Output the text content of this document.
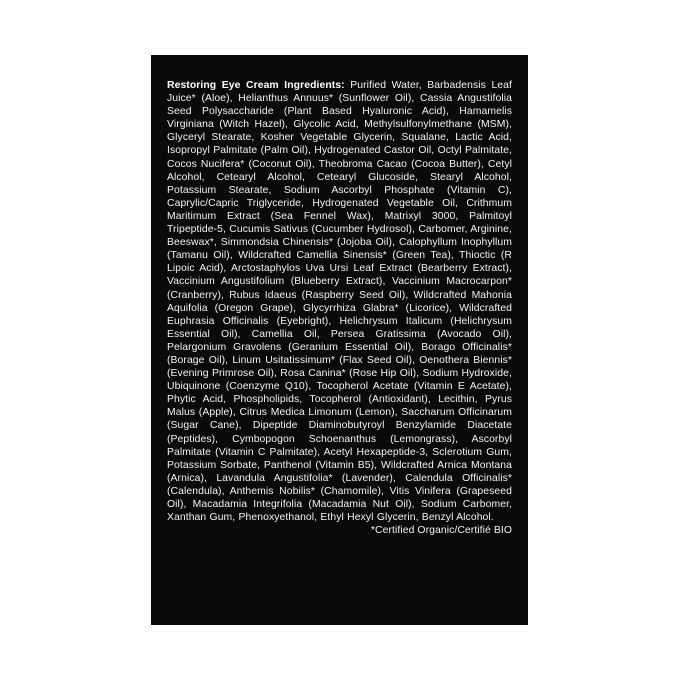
Restoring Eye Cream Ingredients: Purified Water, Barbadensis Leaf Juice* (Aloe), Helianthus Annuus* (Sunflower Oil), Cassia Angustifolia Seed Polysaccharide (Plant Based Hyaluronic Acid), Hamamelis Virginiana (Witch Hazel), Glycolic Acid, Methylsulfonylmethane (MSM), Glyceryl Stearate, Kosher Vegetable Glycerin, Squalane, Lactic Acid, Isopropyl Palmitate (Palm Oil), Hydrogenated Castor Oil, Octyl Palmitate, Cocos Nucifera* (Coconut Oil), Theobroma Cacao (Cocoa Butter), Cetyl Alcohol, Cetearyl Alcohol, Cetearyl Glucoside, Stearyl Alcohol, Potassium Stearate, Sodium Ascorbyl Phosphate (Vitamin C), Caprylic/Capric Triglyceride, Hydrogenated Vegetable Oil, Crithmum Maritimum Extract (Sea Fennel Wax), Matrixyl 3000, Palmitoyl Tripeptide-5, Cucumis Sativus (Cucumber Hydrosol), Carbomer, Arginine, Beeswax*, Simmondsia Chinensis* (Jojoba Oil), Calophyllum Inophyllum (Tamanu Oil), Wildcrafted Camellia Sinensis* (Green Tea), Thioctic (R Lipoic Acid), Arctostaphylos Uva Ursi Leaf Extract (Bearberry Extract), Vaccinium Angustifolium (Blueberry Extract), Vaccinium Macrocarpon* (Cranberry), Rubus Idaeus (Raspberry Seed Oil), Wildcrafted Mahonia Aquifolia (Oregon Grape), Glycyrrhiza Glabra* (Licorice), Wildcrafted Euphrasia Officinalis (Eyebright), Helichrysum Italicum (Helichrysum Essential Oil), Camellia Oil, Persea Gratissima (Avocado Oil), Pelargonium Gravolens (Geranium Essential Oil), Borago Officinalis* (Borage Oil), Linum Usitatissimum* (Flax Seed Oil), Oenothera Biennis* (Evening Primrose Oil), Rosa Canina* (Rose Hip Oil), Sodium Hydroxide, Ubiquinone (Coenzyme Q10), Tocopherol Acetate (Vitamin E Acetate), Phytic Acid, Phospholipids, Tocopherol (Antioxidant), Lecithin, Pyrus Malus (Apple), Citrus Medica Limonum (Lemon), Saccharum Officinarum (Sugar Cane), Dipeptide Diaminobutyroyl Benzylamide Diacetate (Peptides), Cymbopogon Schoenanthus (Lemongrass), Ascorbyl Palmitate (Vitamin C Palmitate), Acetyl Hexapeptide-3, Sclerotium Gum, Potassium Sorbate, Panthenol (Vitamin B5), Wildcrafted Arnica Montana (Arnica), Lavandula Angustifolia* (Lavender), Calendula Officinalis* (Calendula), Anthemis Nobilis* (Chamomile), Vitis Vinifera (Grapeseed Oil), Macadamia Integrifolia (Macadamia Nut Oil), Sodium Carbomer, Xanthan Gum, Phenoxyethanol, Ethyl Hexyl Glycerin, Benzyl Alcohol.

*Certified Organic/Certifié BIO
